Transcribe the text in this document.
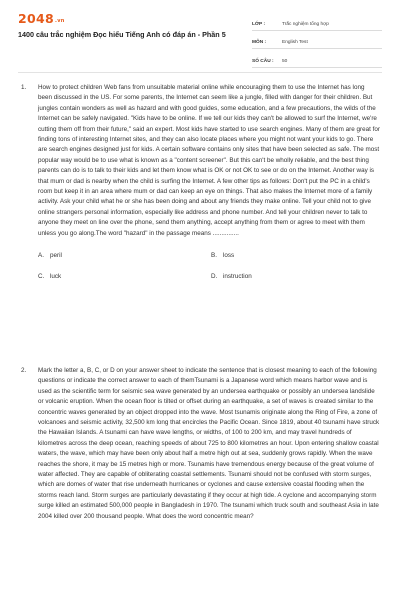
$2048^{.vn}$
1400 câu trắc nghiệm Đọc hiểu Tiếng Anh có đáp án - Phần 5
LỚP :	Trắc nghiệm tổng hợp
MÔN :	English Test
SỐ CÂU :	50
1. How to protect children Web fans from unsuitable material online while encouraging them to use the Internet has long been discussed in the US. For some parents, the Internet can seem like a jungle, filled with danger for their children. But jungles contain wonders as well as hazard and with good guides, some education, and a few precautions, the wilds of the Internet can be safely navigated. "Kids have to be online. If we tell our kids they can't be allowed to surf the Internet, we're cutting them off from their future," said an expert. Most kids have started to use search engines. Many of them are great for finding tons of interesting Internet sites, and they can also locate places where you might not want your kids to go. There are search engines designed just for kids. A certain software contains only sites that have been selected as safe. The most popular way would be to use what is known as a "content screener". But this can't be wholly reliable, and the best thing parents can do is to talk to their kids and let them know what is OK or not OK to see or do on the Internet. Another way is that mum or dad is nearby when the child is surfing the Internet. A few other tips as follows: Don't put the PC in a child's room but keep it in an area where mum or dad can keep an eye on things. That also makes the Internet more of a family activity. Ask your child what he or she has been doing and about any friends they make online. Tell your child not to give online strangers personal information, especially like address and phone number. And tell your children never to talk to anyone they meet on line over the phone, send them anything, accept anything from them or agree to meet with them unless you go along.The word "hazard" in the passage means ...............
A. peril	B. loss
C. luck	D. instruction
2. Mark the letter a, B, C, or D on your answer sheet to indicate the sentence that is closest meaning to each of the following questions or indicate the correct answer to each of themTsunami is a Japanese word which means harbor wave and is used as the scientific term for seismic sea wave generated by an undersea earthquake or possibly an undersea landslide or volcanic eruption. When the ocean floor is tilted or offset during an earthquake, a set of waves is created similar to the concentric waves generated by an object dropped into the wave. Most tsunamis originate along the Ring of Fire, a zone of volcanoes and seismic activity, 32,500 km long that encircles the Pacific Ocean. Since 1819, about 40 tsunami have struck the Hawaiian Islands. A tsunami can have wave lengths, or widths, of 100 to 200 km, and may travel hundreds of kilometres across the deep ocean, reaching speeds of about 725 to 800 kilometres an hour. Upon entering shallow coastal waters, the wave, which may have been only about half a metre high out at sea, suddenly grows rapidly. When the wave reaches the shore, it may be 15 metres high or more. Tsunamis have tremendous energy because of the great volume of water affected. They are capable of obliterating coastal settlements. Tsunami should not be confused with storm surges, which are domes of water that rise underneath hurricanes or cyclones and cause extensive coastal flooding when the storms reach land. Storm surges are particularly devastating if they occur at high tide. A cyclone and accompanying storm surge killed an estimated 500,000 people in Bangladesh in 1970. The tsunami which truck south and southeast Asia in late 2004 killed over 200 thousand people. What does the word concentric mean?
